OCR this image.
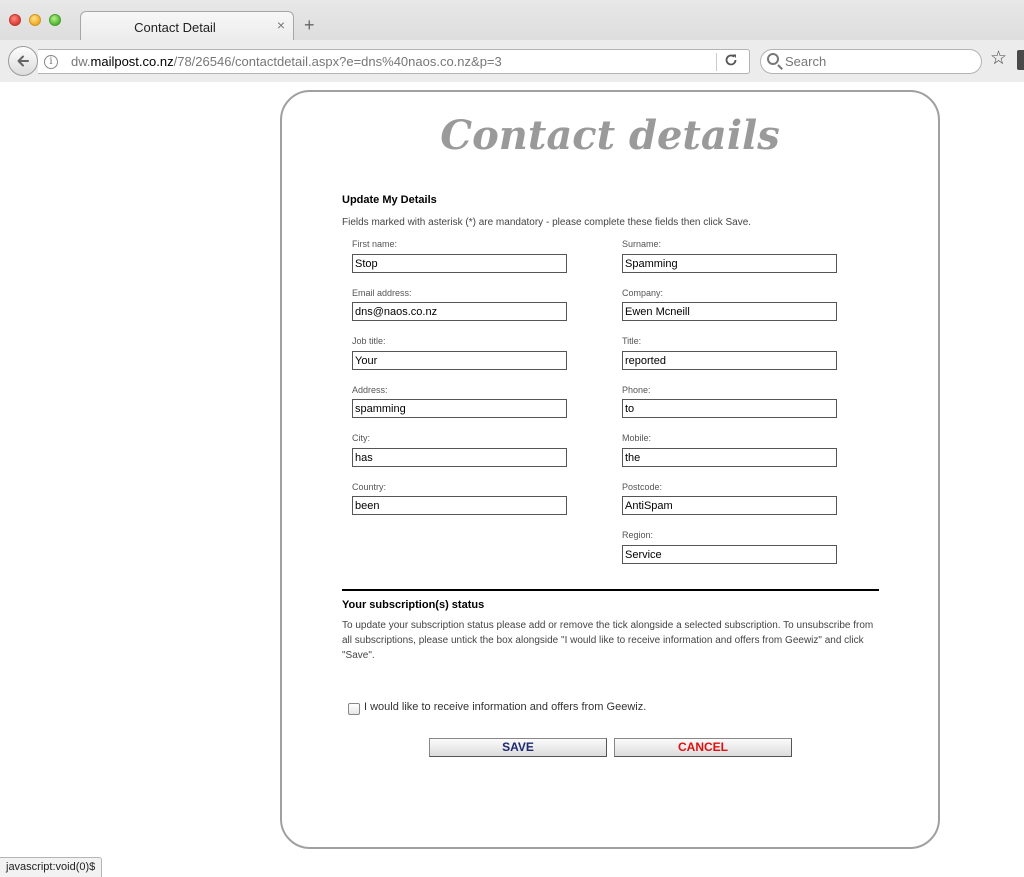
Contact Detail	× +
i	dw.mailpost.co.nz/78/26546/contactdetail.aspx?e=dns%40naos.co.nz&p=3	Search	☆
Contact details
Update My Details
Fields marked with asterisk (*) are mandatory - please complete these fields then click Save.
First name:
Stop
Email address:
dns@naos.co.nz
Job title:
Your
Address:
spamming
City:
has
Country:
been
Surname:
Spamming
Company:
Ewen Mcneill
Title:
reported
Phone:
to
Mobile:
the
Postcode:
AntiSpam
Region:
Service
Your subscription(s) status
To update your subscription status please add or remove the tick alongside a selected subscription. To unsubscribe from all subscriptions, please untick the box alongside "I would like to receive information and offers from Geewiz" and click "Save".
I would like to receive information and offers from Geewiz.
SAVE	CANCEL
javascript:void(0)$
